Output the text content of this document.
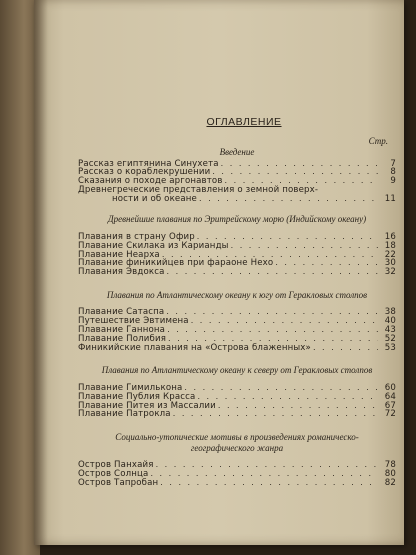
ОГЛАВЛЕНИЕ
Стр.
Введение
Рассказ египтянина Синухета . . .	7
Рассказ о кораблекрушении . . .	8
Сказания о походе аргонавтов . . .	9
Древнегреческие представления о земной поверх-
ности и об океане . . .	11
Древнейшие плавания по Эритрейскому морю (Индийскому океану)
Плавания в страну Офир . . .	16
Плавание Скилака из Карианды . . .	18
Плавание Неарха . . .	22
Плавание финикийцев при фараоне Нехо . . .	30
Плавания Эвдокса . . .	32
Плавания по Атлантическому океану к югу от Геракловых столпов
Плавание Сатаспа . . .	38
Путешествие Эвтимена . . .	40
Плавание Ганнона . . .	43
Плавание Полибия . . .	52
Финикийские плавания на «Острова блаженных» . . .	53
Плавания по Атлантическому океану к северу от Геракловых столпов
Плавание Гимилькона . . .	60
Плавание Публия Красса . . .	64
Плавание Питея из Массалии . . .	67
Плавание Патрокла . . .	72
Социально-утопические мотивы в произведениях романическо-географического жанра
Остров Панхайя . . .	78
Остров Солнца . . .	80
Остров Тапробан . . .	82
